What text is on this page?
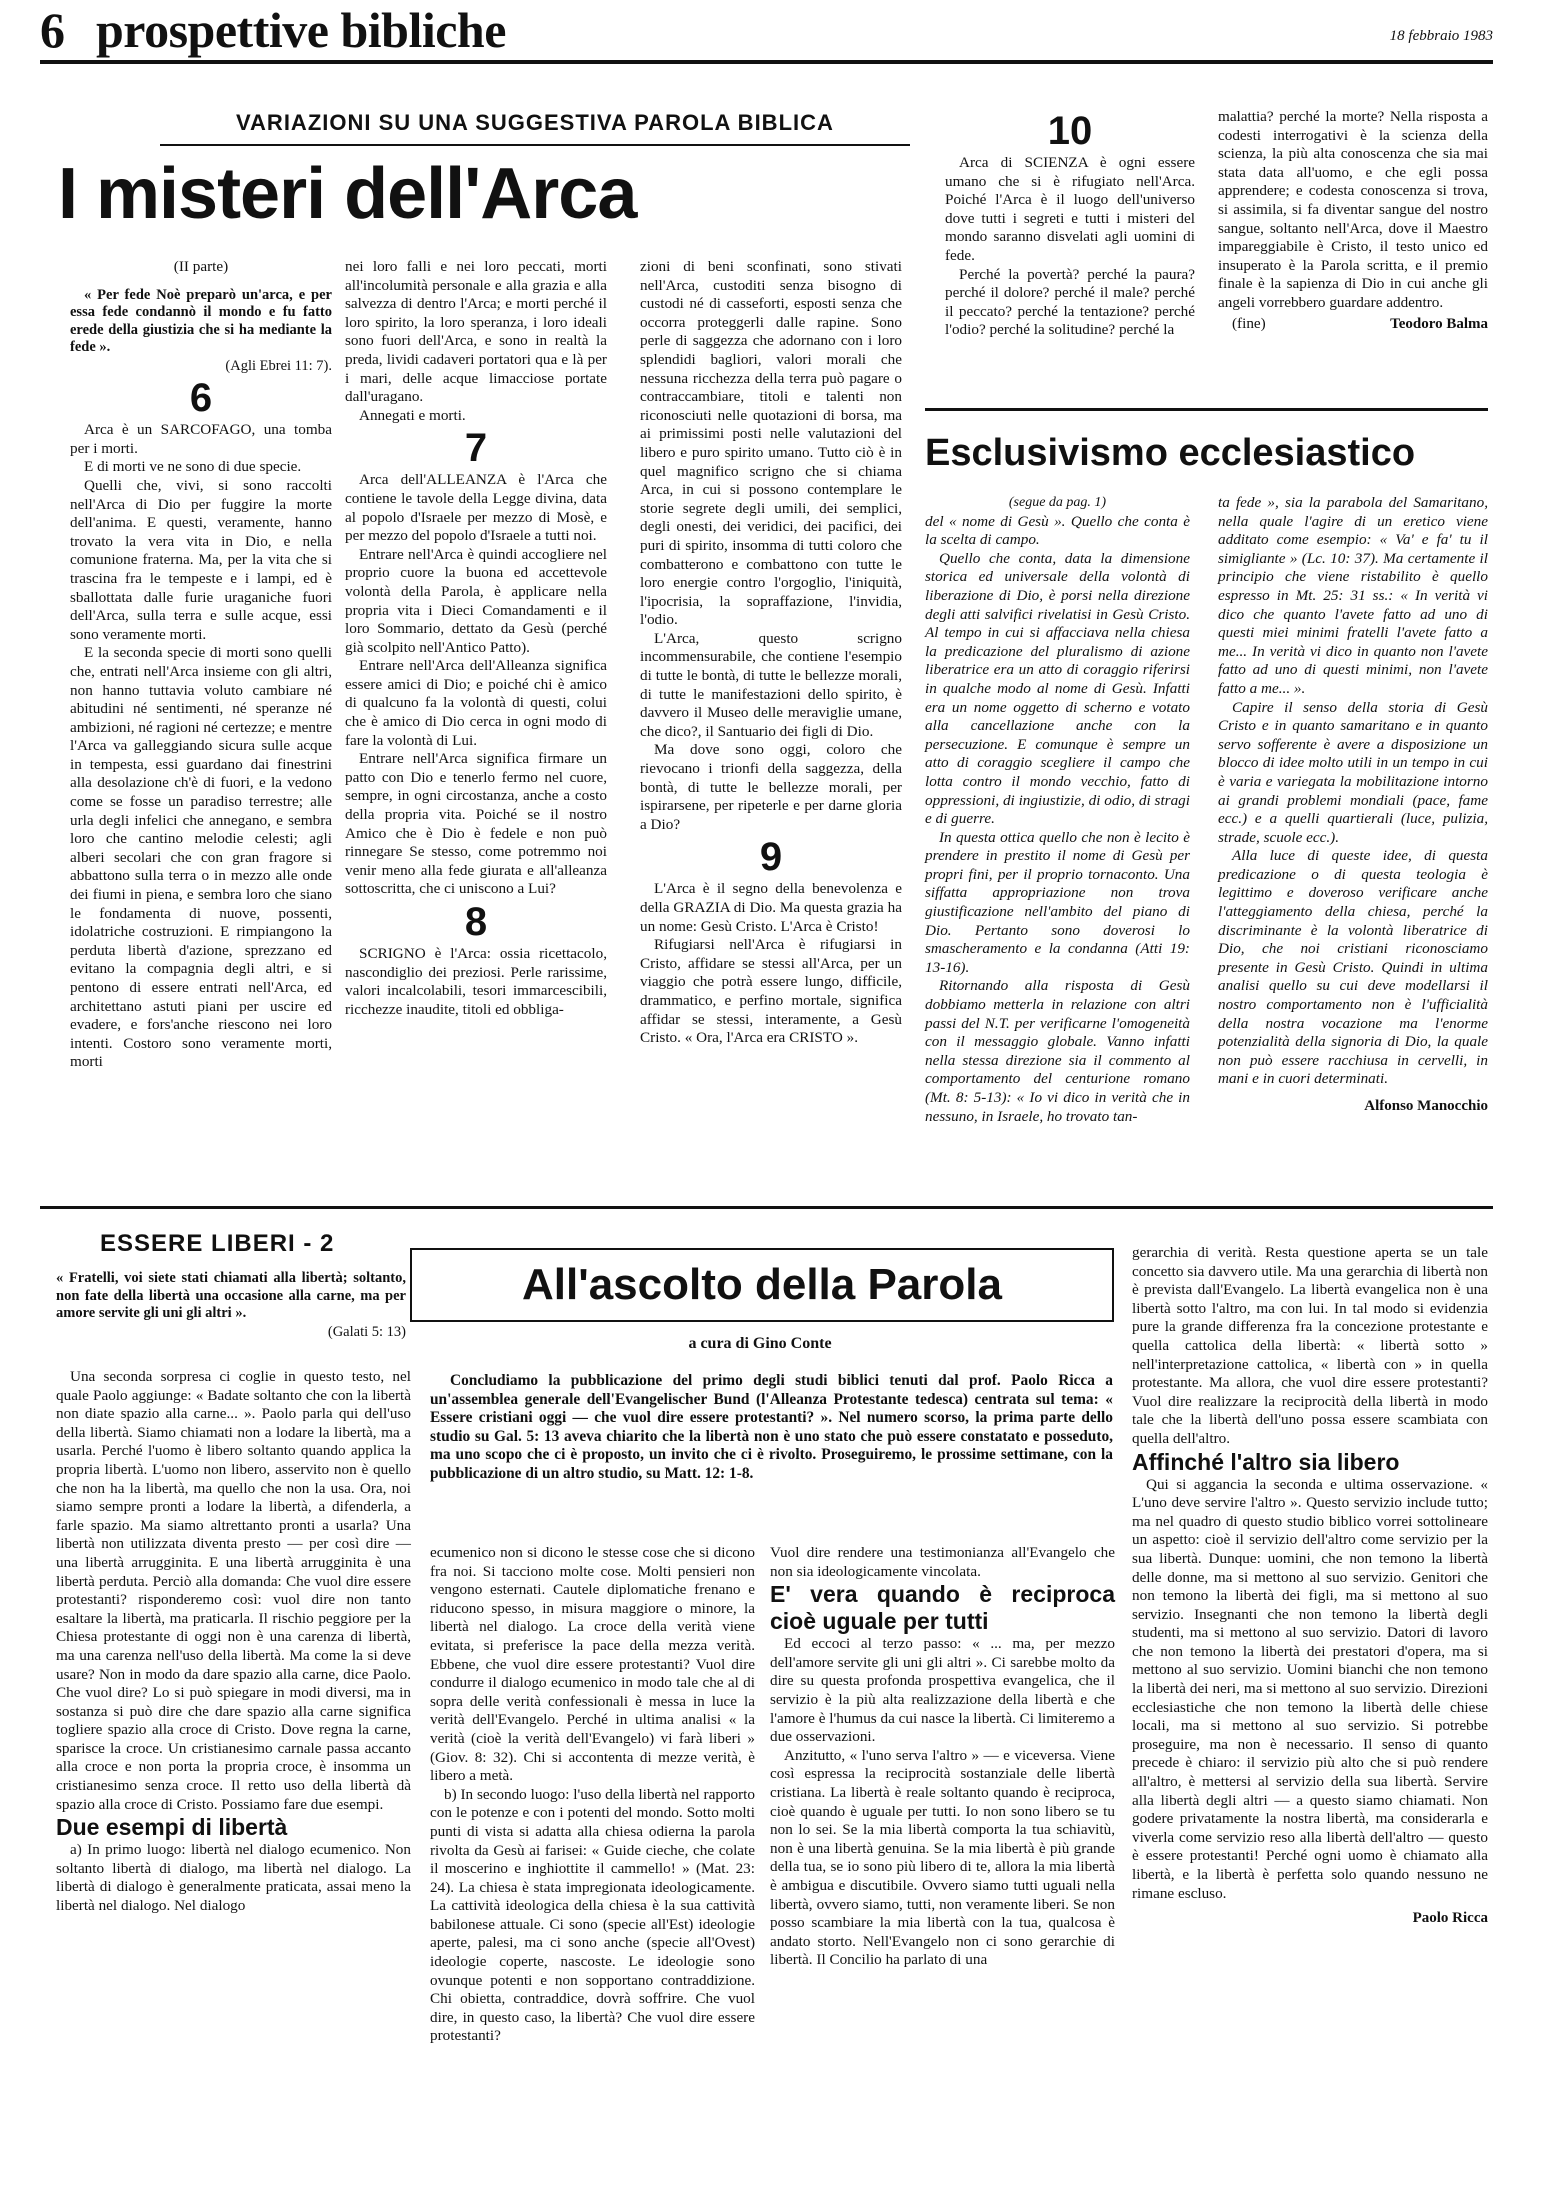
6 prospettive bibliche	18 febbraio 1983
VARIAZIONI SU UNA SUGGESTIVA PAROLA BIBLICA
I misteri dell'Arca

(II parte)

« Per fede Noè preparò un'arca, e per essa fede condannò il mondo e fu fatto erede della giustizia che si ha mediante la fede ».

(Agli Ebrei 11: 7).

6

Arca è un SARCOFAGO, una tomba per i morti.

E di morti ve ne sono di due specie.

Quelli che, vivi, si sono raccolti nell'Arca di Dio per fuggire la morte dell'anima. E questi, veramente, hanno trovato la vera vita in Dio, e nella comunione fraterna. Ma, per la vita che si trascina fra le tempeste e i lampi, ed è sballottata dalle furie uraganiche fuori dell'Arca, sulla terra e sulle acque, essi sono veramente morti.

E la seconda specie di morti sono quelli che, entrati nell'Arca insieme con gli altri, non hanno tuttavia voluto cambiare né abitudini né sentimenti, né speranze né ambizioni, né ragioni né certezze; e mentre l'Arca va galleggiando sicura sulle acque in tempesta, essi guardano dai finestrini alla desolazione ch'è di fuori, e la vedono come se fosse un paradiso terrestre; alle urla degli infelici che annegano, e sembra loro che cantino melodie celesti; agli alberi secolari che con gran fragore si abbattono sulla terra o in mezzo alle onde dei fiumi in piena, e sembra loro che siano le fondamenta di nuove, possenti, idolatriche costruzioni. E rimpiangono la perduta libertà d'azione, sprezzano ed evitano la compagnia degli altri, e si pentono di essere entrati nell'Arca, ed architettano astuti piani per uscire ed evadere, e fors'anche riescono nei loro intenti. Costoro sono veramente morti, morti

nei loro falli e nei loro peccati, morti all'incolumità personale e alla grazia e alla salvezza di dentro l'Arca; e morti perché il loro spirito, la loro speranza, i loro ideali sono fuori dell'Arca, e sono in realtà la preda, lividi cadaveri portatori qua e là per i mari, delle acque limacciose portate dall'uragano.

Annegati e morti.

7

Arca dell'ALLEANZA è l'Arca che contiene le tavole della Legge divina, data al popolo d'Israele per mezzo di Mosè, e per mezzo del popolo d'Israele a tutti noi.

Entrare nell'Arca è quindi accogliere nel proprio cuore la buona ed accettevole volontà della Parola, è applicare nella propria vita i Dieci Comandamenti e il loro Sommario, dettato da Gesù (perché già scolpito nell'Antico Patto).

Entrare nell'Arca dell'Alleanza significa essere amici di Dio; e poiché chi è amico di qualcuno fa la volontà di questi, colui che è amico di Dio cerca in ogni modo di fare la volontà di Lui.

Entrare nell'Arca significa firmare un patto con Dio e tenerlo fermo nel cuore, sempre, in ogni circostanza, anche a costo della propria vita. Poiché se il nostro Amico che è Dio è fedele e non può rinnegare Se stesso, come potremmo noi venir meno alla fede giurata e all'alleanza sottoscritta, che ci uniscono a Lui?

8

SCRIGNO è l'Arca: ossia ricettacolo, nascondiglio dei preziosi. Perle rarissime, valori incalcolabili, tesori immarcescibili, ricchezze inaudite, titoli ed obbliga-

zioni di beni sconfinati, sono stivati nell'Arca, custoditi senza bisogno di custodi né di casseforti, esposti senza che occorra proteggerli dalle rapine. Sono perle di saggezza che adornano con i loro splendidi bagliori, valori morali che nessuna ricchezza della terra può pagare o contraccambiare, titoli e talenti non riconosciuti nelle quotazioni di borsa, ma ai primissimi posti nelle valutazioni del libero e puro spirito umano. Tutto ciò è in quel magnifico scrigno che si chiama Arca, in cui si possono contemplare le storie segrete degli umili, dei semplici, degli onesti, dei veridici, dei pacifici, dei puri di spirito, insomma di tutti coloro che combatterono e combattono con tutte le loro energie contro l'orgoglio, l'iniquità, l'ipocrisia, la sopraffazione, l'invidia, l'odio.

L'Arca, questo scrigno incommensurabile, che contiene l'esempio di tutte le bontà, di tutte le bellezze morali, di tutte le manifestazioni dello spirito, è davvero il Museo delle meraviglie umane, che dico?, il Santuario dei figli di Dio.

Ma dove sono oggi, coloro che rievocano i trionfi della saggezza, della bontà, di tutte le bellezze morali, per ispirarsene, per ripeterle e per darne gloria a Dio?

9

L'Arca è il segno della benevolenza e della GRAZIA di Dio. Ma questa grazia ha un nome: Gesù Cristo. L'Arca è Cristo!

Rifugiarsi nell'Arca è rifugiarsi in Cristo, affidare se stessi all'Arca, per un viaggio che potrà essere lungo, difficile, drammatico, e perfino mortale, significa affidar se stessi, interamente, a Gesù Cristo. « Ora, l'Arca era CRISTO ».

10

Arca di SCIENZA è ogni essere umano che si è rifugiato nell'Arca. Poiché l'Arca è il luogo dell'universo dove tutti i segreti e tutti i misteri del mondo saranno disvelati agli uomini di fede.

Perché la povertà? perché la paura? perché il dolore? perché il male? perché il peccato? perché la tentazione? perché l'odio? perché la solitudine? perché la

malattia? perché la morte? Nella risposta a codesti interrogativi è la scienza della scienza, la più alta conoscenza che sia mai stata data all'uomo, e che egli possa apprendere; e codesta conoscenza si trova, si assimila, si fa diventar sangue del nostro sangue, soltanto nell'Arca, dove il Maestro impareggiabile è Cristo, il testo unico ed insuperato è la Parola scritta, e il premio finale è la sapienza di Dio in cui anche gli angeli vorrebbero guardare addentro.

(fine)	Teodoro Balma
Esclusivismo ecclesiastico

(segue da pag. 1)

del « nome di Gesù ». Quello che conta è la scelta di campo.

Quello che conta, data la dimensione storica ed universale della volontà di liberazione di Dio, è porsi nella direzione degli atti salvifici rivelatisi in Gesù Cristo. Al tempo in cui si affacciava nella chiesa la predicazione del pluralismo di azione liberatrice era un atto di coraggio riferirsi in qualche modo al nome di Gesù. Infatti era un nome oggetto di scherno e votato alla cancellazione anche con la persecuzione. E comunque è sempre un atto di coraggio scegliere il campo che lotta contro il mondo vecchio, fatto di oppressioni, di ingiustizie, di odio, di stragi e di guerre.

In questa ottica quello che non è lecito è prendere in prestito il nome di Gesù per propri fini, per il proprio tornaconto. Una siffatta appropriazione non trova giustificazione nell'ambito del piano di Dio. Pertanto sono doverosi lo smascheramento e la condanna (Atti 19: 13-16).

Ritornando alla risposta di Gesù dobbiamo metterla in relazione con altri passi del N.T. per verificarne l'omogeneità con il messaggio globale. Vanno infatti nella stessa direzione sia il commento al comportamento del centurione romano (Mt. 8: 5-13): « Io vi dico in verità che in nessuno, in Israele, ho trovato tan-

ta fede », sia la parabola del Samaritano, nella quale l'agire di un eretico viene additato come esempio: « Va' e fa' tu il simigliante » (Lc. 10: 37). Ma certamente il principio che viene ristabilito è quello espresso in Mt. 25: 31 ss.: « In verità vi dico che quanto l'avete fatto ad uno di questi miei minimi fratelli l'avete fatto a me... In verità vi dico in quanto non l'avete fatto ad uno di questi minimi, non l'avete fatto a me... ».

Capire il senso della storia di Gesù Cristo e in quanto samaritano e in quanto servo sofferente è avere a disposizione un blocco di idee molto utili in un tempo in cui è varia e variegata la mobilitazione intorno ai grandi problemi mondiali (pace, fame ecc.) e a quelli quartierali (luce, pulizia, strade, scuole ecc.).

Alla luce di queste idee, di questa predicazione o di questa teologia è legittimo e doveroso verificare anche l'atteggiamento della chiesa, perché la discriminante è la volontà liberatrice di Dio, che noi cristiani riconosciamo presente in Gesù Cristo. Quindi in ultima analisi quello su cui deve modellarsi il nostro comportamento non è l'ufficialità della nostra vocazione ma l'enorme potenzialità della signoria di Dio, la quale non può essere racchiusa in cervelli, in mani e in cuori determinati.

Alfonso Manocchio

ESSERE LIBERI - 2

« Fratelli, voi siete stati chiamati alla libertà; soltanto, non fate della libertà una occasione alla carne, ma per amore servite gli uni gli altri ».

(Galati 5: 13)

All'ascolto della Parola
a cura di Gino Conte
Concludiamo la pubblicazione del primo degli studi biblici tenuti dal prof. Paolo Ricca a un'assemblea generale dell'Evangelischer Bund (l'Alleanza Protestante tedesca) centrata sul tema: « Essere cristiani oggi — che vuol dire essere protestanti? ». Nel numero scorso, la prima parte dello studio su Gal. 5: 13 aveva chiarito che la libertà non è uno stato che può essere constatato e posseduto, ma uno scopo che ci è proposto, un invito che ci è rivolto. Proseguiremo, le prossime settimane, con la pubblicazione di un altro studio, su Matt. 12: 1-8.

Una seconda sorpresa ci coglie in questo testo, nel quale Paolo aggiunge: « Badate soltanto che con la libertà non diate spazio alla carne... ». Paolo parla qui dell'uso della libertà. Siamo chiamati non a lodare la libertà, ma a usarla. Perché l'uomo è libero soltanto quando applica la propria libertà. L'uomo non libero, asservito non è quello che non ha la libertà, ma quello che non la usa. Ora, noi siamo sempre pronti a lodare la libertà, a difenderla, a farle spazio. Ma siamo altrettanto pronti a usarla? Una libertà non utilizzata diventa presto — per così dire — una libertà arrugginita. E una libertà arrugginita è una libertà perduta. Perciò alla domanda: Che vuol dire essere protestanti? risponderemo così: vuol dire non tanto esaltare la libertà, ma praticarla. Il rischio peggiore per la Chiesa protestante di oggi non è una carenza di libertà, ma una carenza nell'uso della libertà. Ma come la si deve usare? Non in modo da dare spazio alla carne, dice Paolo. Che vuol dire? Lo si può spiegare in modi diversi, ma in sostanza si può dire che dare spazio alla carne significa togliere spazio alla croce di Cristo. Dove regna la carne, sparisce la croce. Un cristianesimo carnale passa accanto alla croce e non porta la propria croce, è insomma un cristianesimo senza croce. Il retto uso della libertà dà spazio alla croce di Cristo. Possiamo fare due esempi.

Due esempi di libertà

a) In primo luogo: libertà nel dialogo ecumenico. Non soltanto libertà di dialogo, ma libertà nel dialogo. La libertà di dialogo è generalmente praticata, assai meno la libertà nel dialogo. Nel dialogo

ecumenico non si dicono le stesse cose che si dicono fra noi. Si tacciono molte cose. Molti pensieri non vengono esternati. Cautele diplomatiche frenano e riducono spesso, in misura maggiore o minore, la libertà nel dialogo. La croce della verità viene evitata, si preferisce la pace della mezza verità. Ebbene, che vuol dire essere protestanti? Vuol dire condurre il dialogo ecumenico in modo tale che al di sopra delle verità confessionali è messa in luce la verità dell'Evangelo. Perché in ultima analisi « la verità (cioè la verità dell'Evangelo) vi farà liberi » (Giov. 8: 32). Chi si accontenta di mezze verità, è libero a metà.

b) In secondo luogo: l'uso della libertà nel rapporto con le potenze e con i potenti del mondo. Sotto molti punti di vista si adatta alla chiesa odierna la parola rivolta da Gesù ai farisei: « Guide cieche, che colate il moscerino e inghiottite il cammello! » (Mat. 23: 24). La chiesa è stata impregionata ideologicamente. La cattività ideologica della chiesa è la sua cattività babilonese attuale. Ci sono (specie all'Est) ideologie aperte, palesi, ma ci sono anche (specie all'Ovest) ideologie coperte, nascoste. Le ideologie sono ovunque potenti e non sopportano contraddizione. Chi obietta, contraddice, dovrà soffrire. Che vuol dire, in questo caso, la libertà? Che vuol dire essere protestanti?

Vuol dire rendere una testimonianza all'Evangelo che non sia ideologicamente vincolata.

E' vera quando è reciproca cioè uguale per tutti

Ed eccoci al terzo passo: « ... ma, per mezzo dell'amore servite gli uni gli altri ». Ci sarebbe molto da dire su questa profonda prospettiva evangelica, che il servizio è la più alta realizzazione della libertà e che l'amore è l'humus da cui nasce la libertà. Ci limiteremo a due osservazioni.

Anzitutto, « l'uno serva l'altro » — e viceversa. Viene così espressa la reciprocità sostanziale delle libertà cristiana. La libertà è reale soltanto quando è reciproca, cioè quando è uguale per tutti. Io non sono libero se tu non lo sei. Se la mia libertà comporta la tua schiavitù, non è una libertà genuina. Se la mia libertà è più grande della tua, se io sono più libero di te, allora la mia libertà è ambigua e discutibile. Ovvero siamo tutti uguali nella libertà, ovvero siamo, tutti, non veramente liberi. Se non posso scambiare la mia libertà con la tua, qualcosa è andato storto. Nell'Evangelo non ci sono gerarchie di libertà. Il Concilio ha parlato di una

gerarchia di verità. Resta questione aperta se un tale concetto sia davvero utile. Ma una gerarchia di libertà non è prevista dall'Evangelo. La libertà evangelica non è una libertà sotto l'altro, ma con lui. In tal modo si evidenzia pure la grande differenza fra la concezione protestante e quella cattolica della libertà: « libertà sotto » nell'interpretazione cattolica, « libertà con » in quella protestante. Ma allora, che vuol dire essere protestanti? Vuol dire realizzare la reciprocità della libertà in modo tale che la libertà dell'uno possa essere scambiata con quella dell'altro.

Affinché l'altro sia libero

Qui si aggancia la seconda e ultima osservazione. « L'uno deve servire l'altro ». Questo servizio include tutto; ma nel quadro di questo studio biblico vorrei sottolineare un aspetto: cioè il servizio dell'altro come servizio per la sua libertà. Dunque: uomini, che non temono la libertà delle donne, ma si mettono al suo servizio. Genitori che non temono la libertà dei figli, ma si mettono al suo servizio. Insegnanti che non temono la libertà degli studenti, ma si mettono al suo servizio. Datori di lavoro che non temono la libertà dei prestatori d'opera, ma si mettono al suo servizio. Uomini bianchi che non temono la libertà dei neri, ma si mettono al suo servizio. Direzioni ecclesiastiche che non temono la libertà delle chiese locali, ma si mettono al suo servizio. Si potrebbe proseguire, ma non è necessario. Il senso di quanto precede è chiaro: il servizio più alto che si può rendere all'altro, è mettersi al servizio della sua libertà. Servire alla libertà degli altri — a questo siamo chiamati. Non godere privatamente la nostra libertà, ma considerarla e viverla come servizio reso alla libertà dell'altro — questo è essere protestanti! Perché ogni uomo è chiamato alla libertà, e la libertà è perfetta solo quando nessuno ne rimane escluso.

Paolo Ricca
